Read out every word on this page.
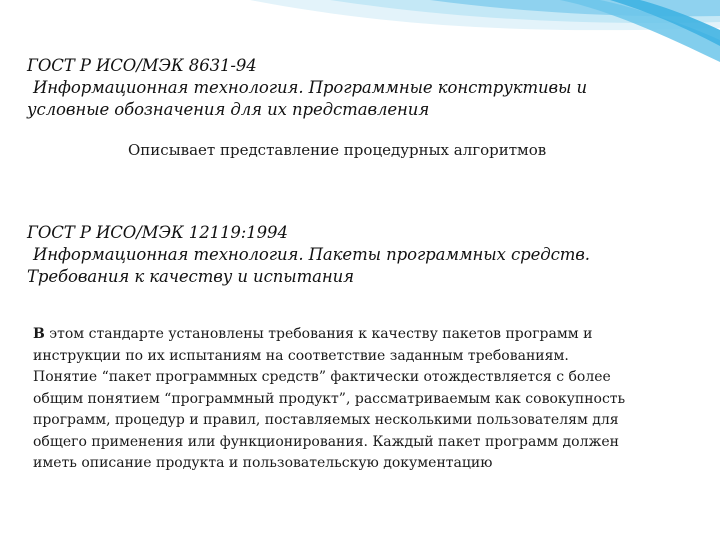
ГОСТ Р ИСО/МЭК 8631-94
Информационная технология. Программные конструктивы и
условные обозначения для их представления
Описывает представление процедурных алгоритмов
ГОСТ Р ИСО/МЭК 12119:1994
Информационная технология. Пакеты программных средств.
Требования к качеству и испытания
В этом стандарте установлены требования к качеству пакетов программ и
инструкции по их испытаниям на соответствие заданным требованиям.
Понятие “пакет программных средств” фактически отождествляется с более
общим понятием “программный продукт”, рассматриваемым как совокупность
программ, процедур и правил, поставляемых несколькими пользователям для
общего применения или функционирования. Каждый пакет программ должен
иметь описание продукта и пользовательскую документацию
